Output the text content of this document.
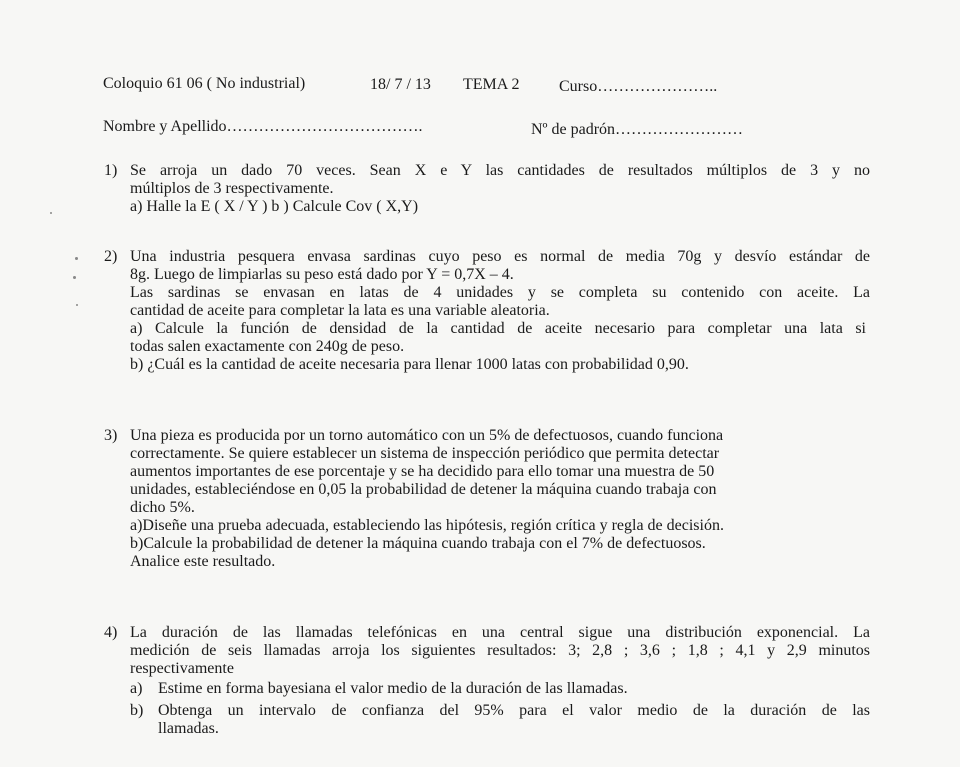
Coloquio 61 06 ( No industrial)	18/ 7 / 13 TEMA 2 Curso…………………..
Nombre y Apellido……………………………….	Nº de padrón……………………
1) Se arroja un dado 70 veces. Sean X e Y las cantidades de resultados múltiplos de 3 y no
múltiplos de 3 respectivamente.
a) Halle la E ( X / Y ) b ) Calcule Cov ( X,Y)
2) Una industria pesquera envasa sardinas cuyo peso es normal de media 70g y desvío estándar de
8g. Luego de limpiarlas su peso está dado por Y = 0,7X – 4.
Las sardinas se envasan en latas de 4 unidades y se completa su contenido con aceite. La
cantidad de aceite para completar la lata es una variable aleatoria.
a) Calcule la función de densidad de la cantidad de aceite necesario para completar una lata si
todas salen exactamente con 240g de peso.
b) ¿Cuál es la cantidad de aceite necesaria para llenar 1000 latas con probabilidad 0,90.
3) Una pieza es producida por un torno automático con un 5% de defectuosos, cuando funciona
correctamente. Se quiere establecer un sistema de inspección periódico que permita detectar
aumentos importantes de ese porcentaje y se ha decidido para ello tomar una muestra de 50
unidades, estableciéndose en 0,05 la probabilidad de detener la máquina cuando trabaja con
dicho 5%.
a)Diseñe una prueba adecuada, estableciendo las hipótesis, región crítica y regla de decisión.
b)Calcule la probabilidad de detener la máquina cuando trabaja con el 7% de defectuosos.
Analice este resultado.
4) La duración de las llamadas telefónicas en una central sigue una distribución exponencial. La
medición de seis llamadas arroja los siguientes resultados: 3; 2,8 ; 3,6 ; 1,8 ; 4,1 y 2,9 minutos
respectivamente
a) Estime en forma bayesiana el valor medio de la duración de las llamadas.
b) Obtenga un intervalo de confianza del 95% para el valor medio de la duración de las
llamadas.
